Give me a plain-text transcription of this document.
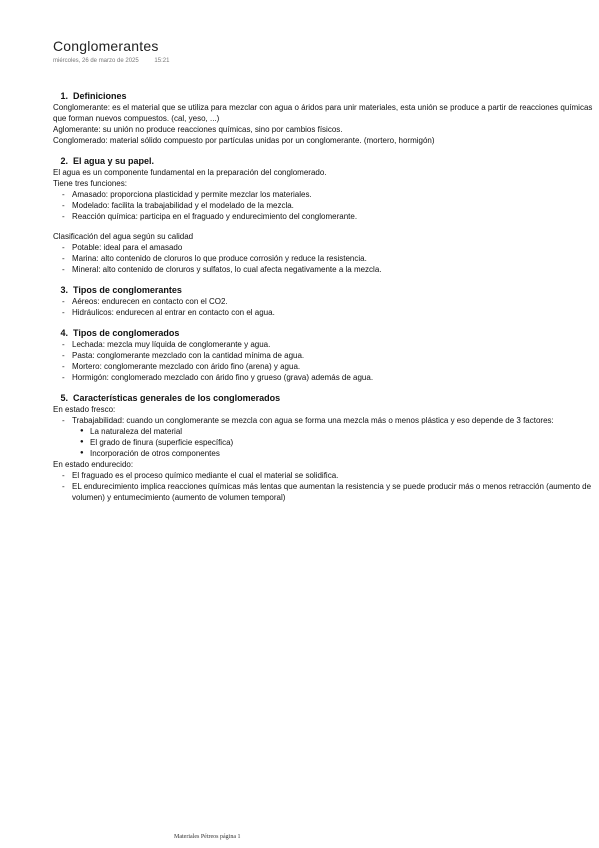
Conglomerantes
miércoles, 26 de marzo de 2025	15:21
1. Definiciones
Conglomerante: es el material que se utiliza para mezclar con agua o áridos para unir materiales, esta unión se produce a partir de reacciones químicas que forman nuevos compuestos. (cal, yeso, ...)
Aglomerante: su unión no produce reacciones químicas, sino por cambios físicos.
Conglomerado: material sólido compuesto por partículas unidas por un conglomerante. (mortero, hormigón)
2. El agua y su papel.
El agua es un componente fundamental en la preparación del conglomerado.
Tiene tres funciones:
- Amasado: proporciona plasticidad y permite mezclar los materiales.
- Modelado: facilita la trabajabilidad y el modelado de la mezcla.
- Reacción química: participa en el fraguado y endurecimiento del conglomerante.
Clasificación del agua según su calidad
- Potable: ideal para el amasado
- Marina: alto contenido de cloruros lo que produce corrosión y reduce la resistencia.
- Mineral: alto contenido de cloruros y sulfatos, lo cual afecta negativamente a la mezcla.
3. Tipos de conglomerantes
- Aéreos: endurecen en contacto con el CO2.
- Hidráulicos: endurecen al entrar en contacto con el agua.
4. Tipos de conglomerados
- Lechada: mezcla muy líquida de conglomerante y agua.
- Pasta: conglomerante mezclado con la cantidad mínima de agua.
- Mortero: conglomerante mezclado con árido fino (arena) y agua.
- Hormigón: conglomerado mezclado con árido fino y grueso (grava) además de agua.
5. Características generales de los conglomerados
En estado fresco:
- Trabajabilidad: cuando un conglomerante se mezcla con agua se forma una mezcla más o menos plástica y eso depende de 3 factores:
● La naturaleza del material
● El grado de finura (superficie específica)
● Incorporación de otros componentes
En estado endurecido:
- El fraguado es el proceso químico mediante el cual el material se solidifica.
- EL endurecimiento implica reacciones químicas más lentas que aumentan la resistencia y se puede producir más o menos retracción (aumento de volumen) y entumecimiento (aumento de volumen temporal)
Materiales Pétreos página 1
